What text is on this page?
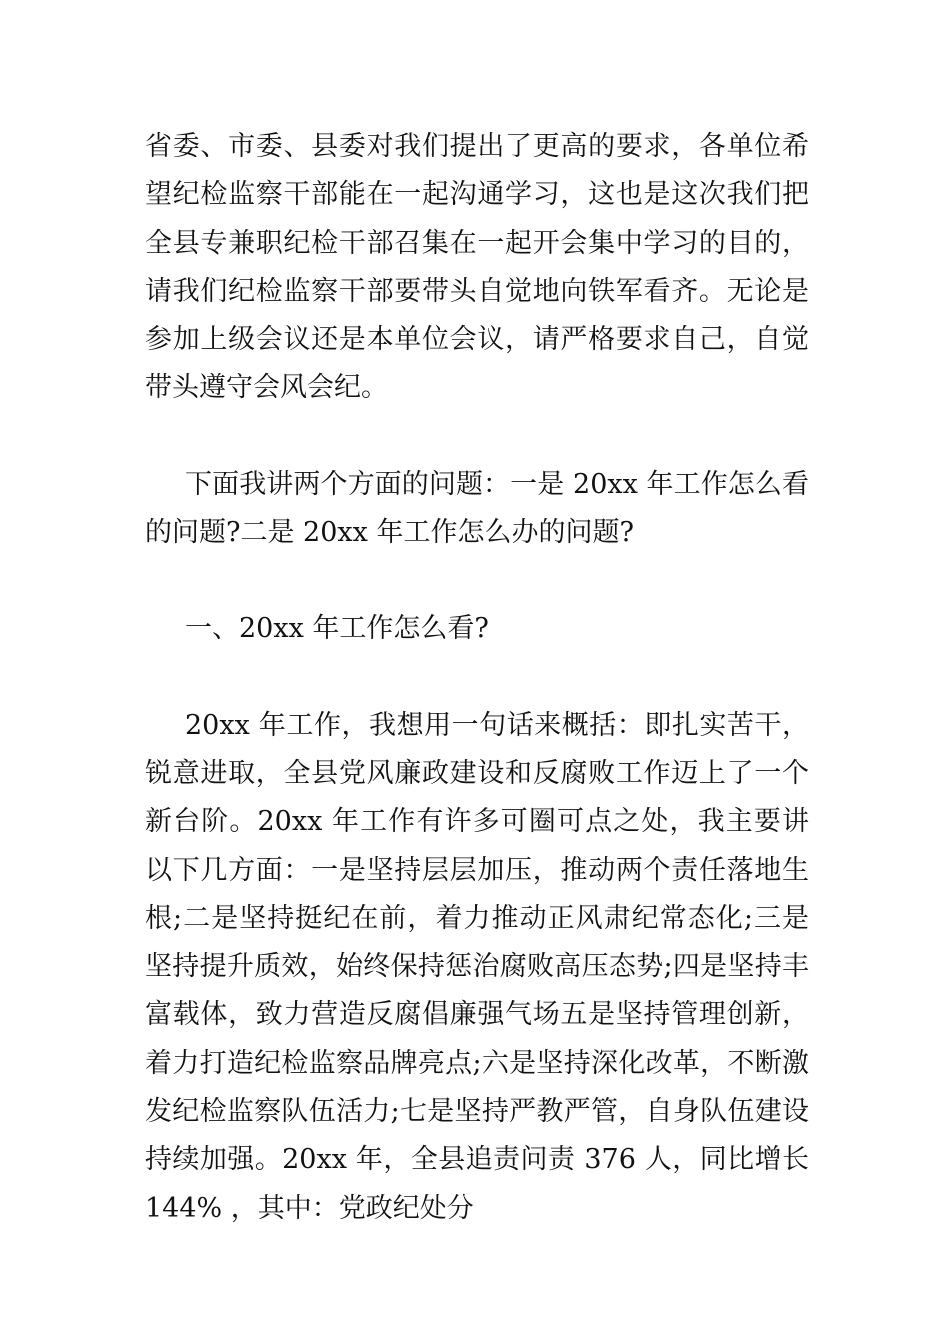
省委、市委、县委对我们提出了更高的要求，各单位希望纪检监察干部能在一起沟通学习，这也是这次我们把全县专兼职纪检干部召集在一起开会集中学习的目的，请我们纪检监察干部要带头自觉地向铁军看齐。无论是参加上级会议还是本单位会议，请严格要求自己，自觉带头遵守会风会纪。

下面我讲两个方面的问题：一是 20xx 年工作怎么看的问题?二是 20xx 年工作怎么办的问题?

一、20xx 年工作怎么看?

20xx 年工作，我想用一句话来概括：即扎实苦干，锐意进取，全县党风廉政建设和反腐败工作迈上了一个新台阶。20xx 年工作有许多可圈可点之处，我主要讲以下几方面：一是坚持层层加压，推动两个责任落地生根;二是坚持挺纪在前，着力推动正风肃纪常态化;三是坚持提升质效，始终保持惩治腐败高压态势;四是坚持丰富载体，致力营造反腐倡廉强气场五是坚持管理创新，着力打造纪检监察品牌亮点;六是坚持深化改革，不断激发纪检监察队伍活力;七是坚持严教严管，自身队伍建设持续加强。20xx 年，全县追责问责 376 人，同比增长 144% ，其中：党政纪处分
